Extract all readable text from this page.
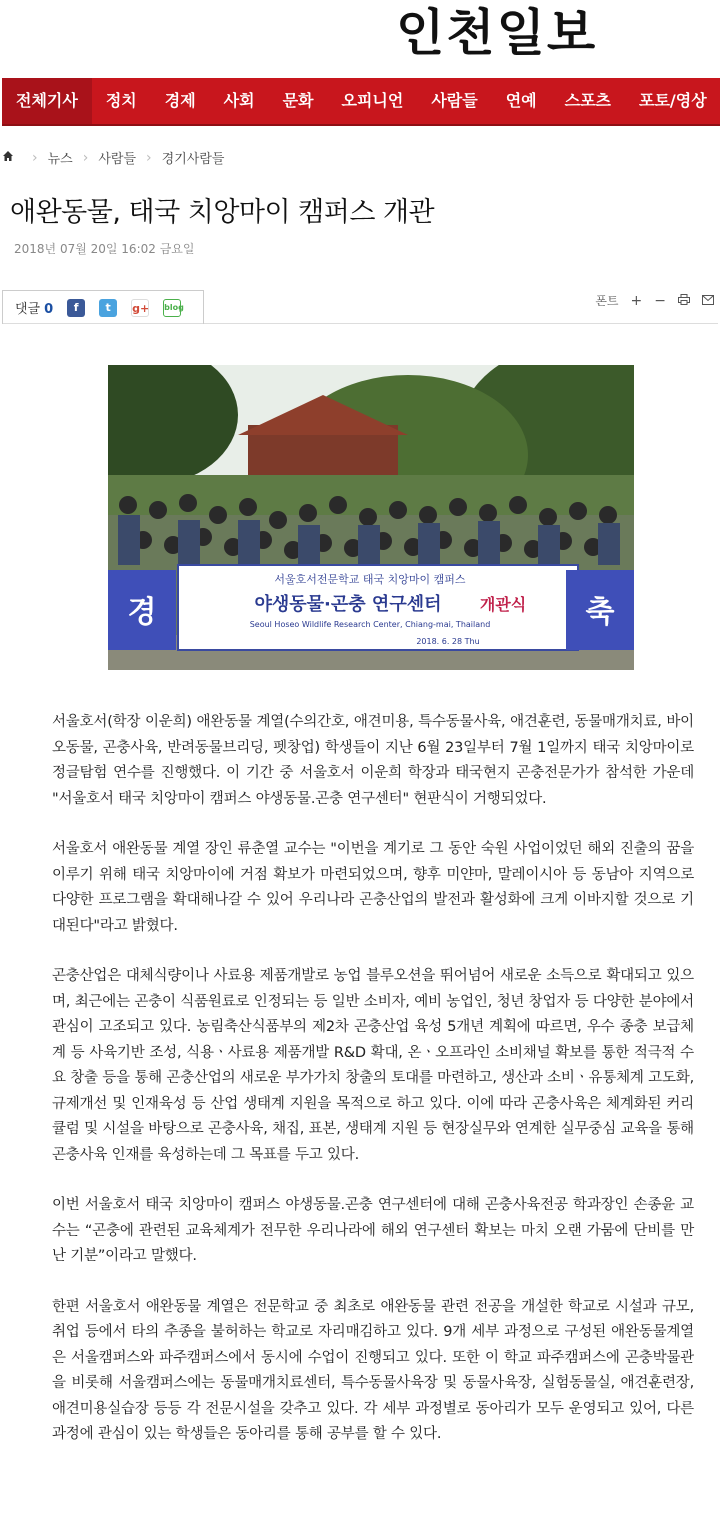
인천일보
전체기사	정치	경제	사회	문화	오피니언	사람들	연예	스포츠	포토/영상
› 뉴스 › 사람들 › 경기사람들
애완동물, 태국 치앙마이 캠퍼스 개관
2018년 07월 20일 16:02 금요일
댓글 0	f	t	g+ blog	폰트 + −
경	축
서울호서전문학교 태국 치앙마이 캠퍼스
야생동물·곤충 연구센터 개관식
Seoul Hoseo Wildlife Research Center, Chiang-mai, Thailand
2018. 6. 28 Thu

서울호서(학장 이운희) 애완동물 계열(수의간호, 애견미용, 특수동물사육, 애견훈련, 동물매개치료, 바이오동물, 곤충사육, 반려동물브리딩, 펫창업) 학생들이 지난 6월 23일부터 7월 1일까지 태국 치앙마이로 정글탐험 연수를 진행했다. 이 기간 중 서울호서 이운희 학장과 태국현지 곤충전문가가 참석한 가운데 "서울호서 태국 치앙마이 캠퍼스 야생동물.곤충 연구센터" 현판식이 거행되었다.

서울호서 애완동물 계열 장인 류춘열 교수는 "이번을 계기로 그 동안 숙원 사업이었던 해외 진출의 꿈을 이루기 위해 태국 치앙마이에 거점 확보가 마련되었으며, 향후 미얀마, 말레이시아 등 동남아 지역으로 다양한 프로그램을 확대해나갈 수 있어 우리나라 곤충산업의 발전과 활성화에 크게 이바지할 것으로 기대된다"라고 밝혔다.

곤충산업은 대체식량이나 사료용 제품개발로 농업 블루오션을 뛰어넘어 새로운 소득으로 확대되고 있으며, 최근에는 곤충이 식품원료로 인정되는 등 일반 소비자, 예비 농업인, 청년 창업자 등 다양한 분야에서 관심이 고조되고 있다. 농림축산식품부의 제2차 곤충산업 육성 5개년 계획에 따르면, 우수 종충 보급체계 등 사육기반 조성, 식용ㆍ사료용 제품개발 R&D 확대, 온ㆍ오프라인 소비채널 확보를 통한 적극적 수요 창출 등을 통해 곤충산업의 새로운 부가가치 창출의 토대를 마련하고, 생산과 소비ㆍ유통체계 고도화, 규제개선 및 인재육성 등 산업 생태계 지원을 목적으로 하고 있다. 이에 따라 곤충사육은 체계화된 커리큘럼 및 시설을 바탕으로 곤충사육, 채집, 표본, 생태계 지원 등 현장실무와 연계한 실무중심 교육을 통해 곤충사육 인재를 육성하는데 그 목표를 두고 있다.

이번 서울호서 태국 치앙마이 캠퍼스 야생동물.곤충 연구센터에 대해 곤충사육전공 학과장인 손종윤 교수는 “곤충에 관련된 교육체계가 전무한 우리나라에 해외 연구센터 확보는 마치 오랜 가뭄에 단비를 만난 기분”이라고 말했다.

한편 서울호서 애완동물 계열은 전문학교 중 최초로 애완동물 관련 전공을 개설한 학교로 시설과 규모, 취업 등에서 타의 추종을 불허하는 학교로 자리매김하고 있다. 9개 세부 과정으로 구성된 애완동물계열은 서울캠퍼스와 파주캠퍼스에서 동시에 수업이 진행되고 있다. 또한 이 학교 파주캠퍼스에 곤충박물관을 비롯해 서울캠퍼스에는 동물매개치료센터, 특수동물사육장 및 동물사육장, 실험동물실, 애견훈련장, 애견미용실습장 등등 각 전문시설을 갖추고 있다. 각 세부 과정별로 동아리가 모두 운영되고 있어, 다른 과정에 관심이 있는 학생들은 동아리를 통해 공부를 할 수 있다.
